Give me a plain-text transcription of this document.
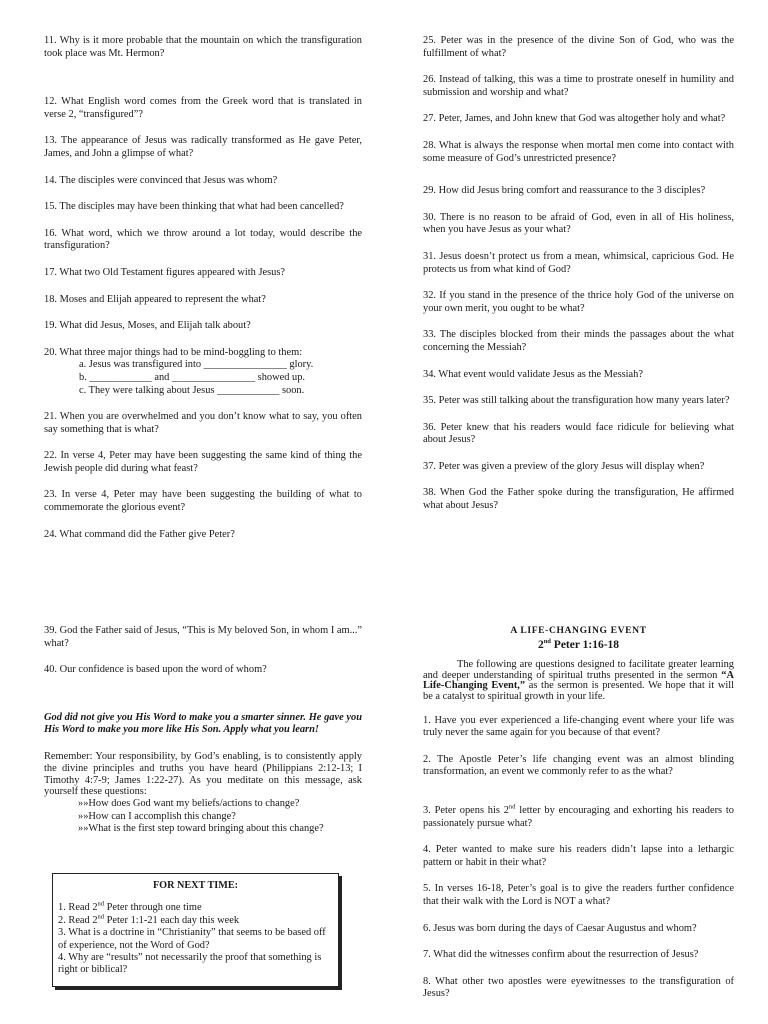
11. Why is it more probable that the mountain on which the transfiguration took place was Mt. Hermon?

12. What English word comes from the Greek word that is translated in verse 2, “transfigured”?

13. The appearance of Jesus was radically transformed as He gave Peter, James, and John a glimpse of what?

14. The disciples were convinced that Jesus was whom?

15. The disciples may have been thinking that what had been cancelled?

16. What word, which we throw around a lot today, would describe the transfiguration?

17. What two Old Testament figures appeared with Jesus?

18. Moses and Elijah appeared to represent the what?

19. What did Jesus, Moses, and Elijah talk about?

20. What three major things had to be mind-boggling to them:

a. Jesus was transfigured into ________________ glory.

b. ____________ and ________________ showed up.

c. They were talking about Jesus ____________ soon.

21. When you are overwhelmed and you don’t know what to say, you often say something that is what?

22. In verse 4, Peter may have been suggesting the same kind of thing the Jewish people did during what feast?

23. In verse 4, Peter may have been suggesting the building of what to commemorate the glorious event?

24. What command did the Father give Peter?

25. Peter was in the presence of the divine Son of God, who was the fulfillment of what?

26. Instead of talking, this was a time to prostrate oneself in humility and submission and worship and what?

27. Peter, James, and John knew that God was altogether holy and what?

28. What is always the response when mortal men come into contact with some measure of God’s unrestricted presence?

29. How did Jesus bring comfort and reassurance to the 3 disciples?

30. There is no reason to be afraid of God, even in all of His holiness, when you have Jesus as your what?

31. Jesus doesn’t protect us from a mean, whimsical, capricious God. He protects us from what kind of God?

32. If you stand in the presence of the thrice holy God of the universe on your own merit, you ought to be what?

33. The disciples blocked from their minds the passages about the what concerning the Messiah?

34. What event would validate Jesus as the Messiah?

35. Peter was still talking about the transfiguration how many years later?

36. Peter knew that his readers would face ridicule for believing what about Jesus?

37. Peter was given a preview of the glory Jesus will display when?

38. When God the Father spoke during the transfiguration, He affirmed what about Jesus?

39. God the Father said of Jesus, “This is My beloved Son, in whom I am...” what?

40. Our confidence is based upon the word of whom?

God did not give you His Word to make you a smarter sinner. He gave you His Word to make you more like His Son. Apply what you learn!

Remember: Your responsibility, by God’s enabling, is to consistently apply the divine principles and truths you have heard (Philippians 2:12-13; I Timothy 4:7-9; James 1:22-27). As you meditate on this message, ask yourself these questions:

»»How does God want my beliefs/actions to change?

»»How can I accomplish this change?

»»What is the first step toward bringing about this change?

FOR NEXT TIME:
1. Read 2nd Peter through one time
2. Read 2nd Peter 1:1-21 each day this week
3. What is a doctrine in “Christianity” that seems to be based off of experience, not the Word of God?
4. Why are “results” not necessarily the proof that something is right or biblical?
A LIFE-CHANGING EVENT
2nd Peter 1:16-18

The following are questions designed to facilitate greater learning and deeper understanding of spiritual truths presented in the sermon “A Life-Changing Event,” as the sermon is presented. We hope that it will be a catalyst to spiritual growth in your life.

1. Have you ever experienced a life-changing event where your life was truly never the same again for you because of that event?

2. The Apostle Peter’s life changing event was an almost blinding transformation, an event we commonly refer to as the what?

3. Peter opens his 2nd letter by encouraging and exhorting his readers to passionately pursue what?

4. Peter wanted to make sure his readers didn’t lapse into a lethargic pattern or habit in their what?

5. In verses 16-18, Peter’s goal is to give the readers further confidence that their walk with the Lord is NOT a what?

6. Jesus was born during the days of Caesar Augustus and whom?

7. What did the witnesses confirm about the resurrection of Jesus?

8. What other two apostles were eyewitnesses to the transfiguration of Jesus?
